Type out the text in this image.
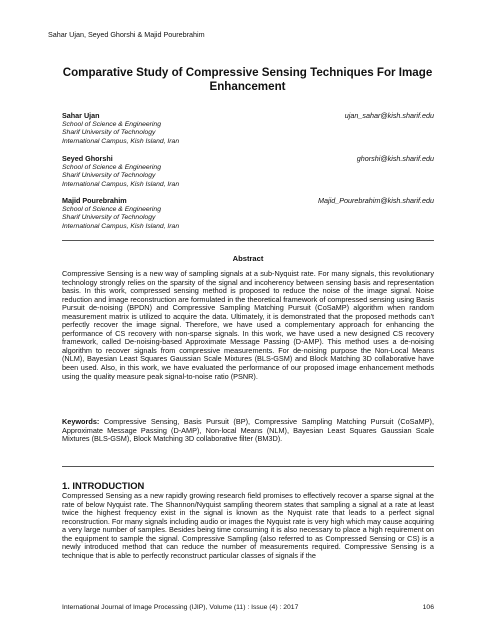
Sahar Ujan, Seyed Ghorshi & Majid Pourebrahim
Comparative Study of Compressive Sensing Techniques For Image Enhancement
Sahar Ujan	ujan_sahar@kish.sharif.edu
School of Science & Engineering
Sharif University of Technology
International Campus, Kish Island, Iran
Seyed Ghorshi	ghorshi@kish.sharif.edu
School of Science & Engineering
Sharif University of Technology
International Campus, Kish Island, Iran
Majid Pourebrahim	Majid_Pourebrahim@kish.sharif.edu
School of Science & Engineering
Sharif University of Technology
International Campus, Kish Island, Iran
Abstract

Compressive Sensing is a new way of sampling signals at a sub-Nyquist rate. For many signals, this revolutionary technology strongly relies on the sparsity of the signal and incoherency between sensing basis and representation basis. In this work, compressed sensing method is proposed to reduce the noise of the image signal. Noise reduction and image reconstruction are formulated in the theoretical framework of compressed sensing using Basis Pursuit de-noising (BPDN) and Compressive Sampling Matching Pursuit (CoSaMP) algorithm when random measurement matrix is utilized to acquire the data. Ultimately, it is demonstrated that the proposed methods can't perfectly recover the image signal. Therefore, we have used a complementary approach for enhancing the performance of CS recovery with non-sparse signals. In this work, we have used a new designed CS recovery framework, called De-noising-based Approximate Message Passing (D-AMP). This method uses a de-noising algorithm to recover signals from compressive measurements. For de-noising purpose the Non-Local Means (NLM), Bayesian Least Squares Gaussian Scale Mixtures (BLS-GSM) and Block Matching 3D collaborative have been used. Also, in this work, we have evaluated the performance of our proposed image enhancement methods using the quality measure peak signal-to-noise ratio (PSNR).

Keywords: Compressive Sensing, Basis Pursuit (BP), Compressive Sampling Matching Pursuit (CoSaMP), Approximate Message Passing (D-AMP), Non-local Means (NLM), Bayesian Least Squares Gaussian Scale Mixtures (BLS-GSM), Block Matching 3D collaborative filter (BM3D).

1. INTRODUCTION

Compressed Sensing as a new rapidly growing research field promises to effectively recover a sparse signal at the rate of below Nyquist rate. The Shannon/Nyquist sampling theorem states that sampling a signal at a rate at least twice the highest frequency exist in the signal is known as the Nyquist rate that leads to a perfect signal reconstruction. For many signals including audio or images the Nyquist rate is very high which may cause acquiring a very large number of samples. Besides being time consuming it is also necessary to place a high requirement on the equipment to sample the signal. Compressive Sampling (also referred to as Compressed Sensing or CS) is a newly introduced method that can reduce the number of measurements required. Compressive Sensing is a technique that is able to perfectly reconstruct particular classes of signals if the

International Journal of Image Processing (IJIP), Volume (11) : Issue (4) : 2017	106
